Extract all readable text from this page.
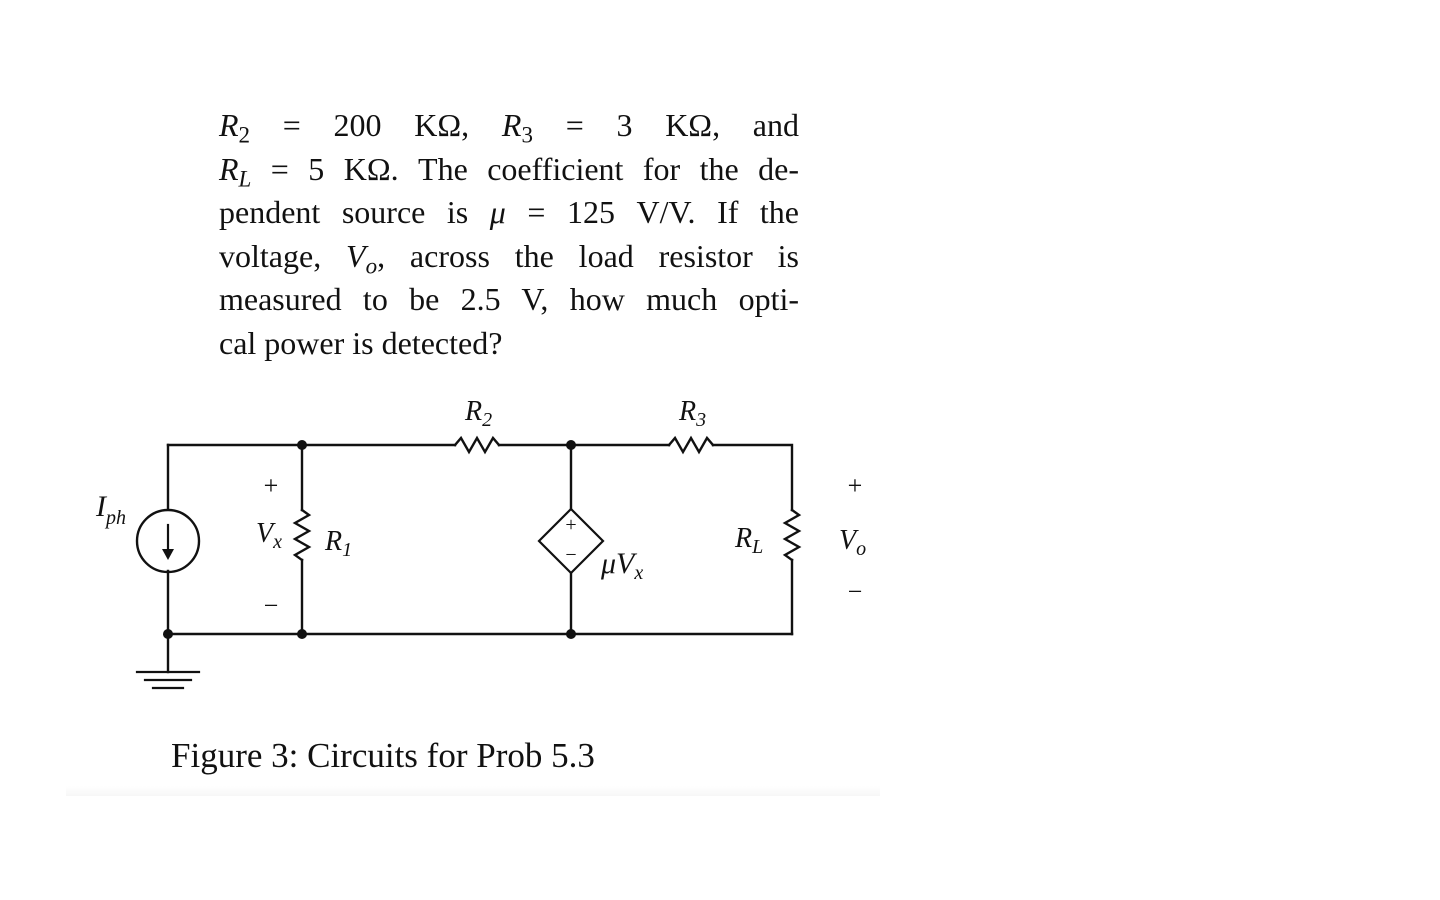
$R_2 = 200$ KΩ, $R_3 = 3$ KΩ, and
$R_L = 5$ KΩ. The coefficient for the de-
pendent source is μ = 125 V/V. If the
voltage, $V_o$, across the load resistor is
measured to be 2.5 V, how much opti-
cal power is detected?
$I_{ph}$
+
$V_x$
−
$R_1$
$R_2$	$R_3$
+
− $\mu V_x$
$R_L$
+
$V_o$
−
Figure 3: Circuits for Prob 5.3
